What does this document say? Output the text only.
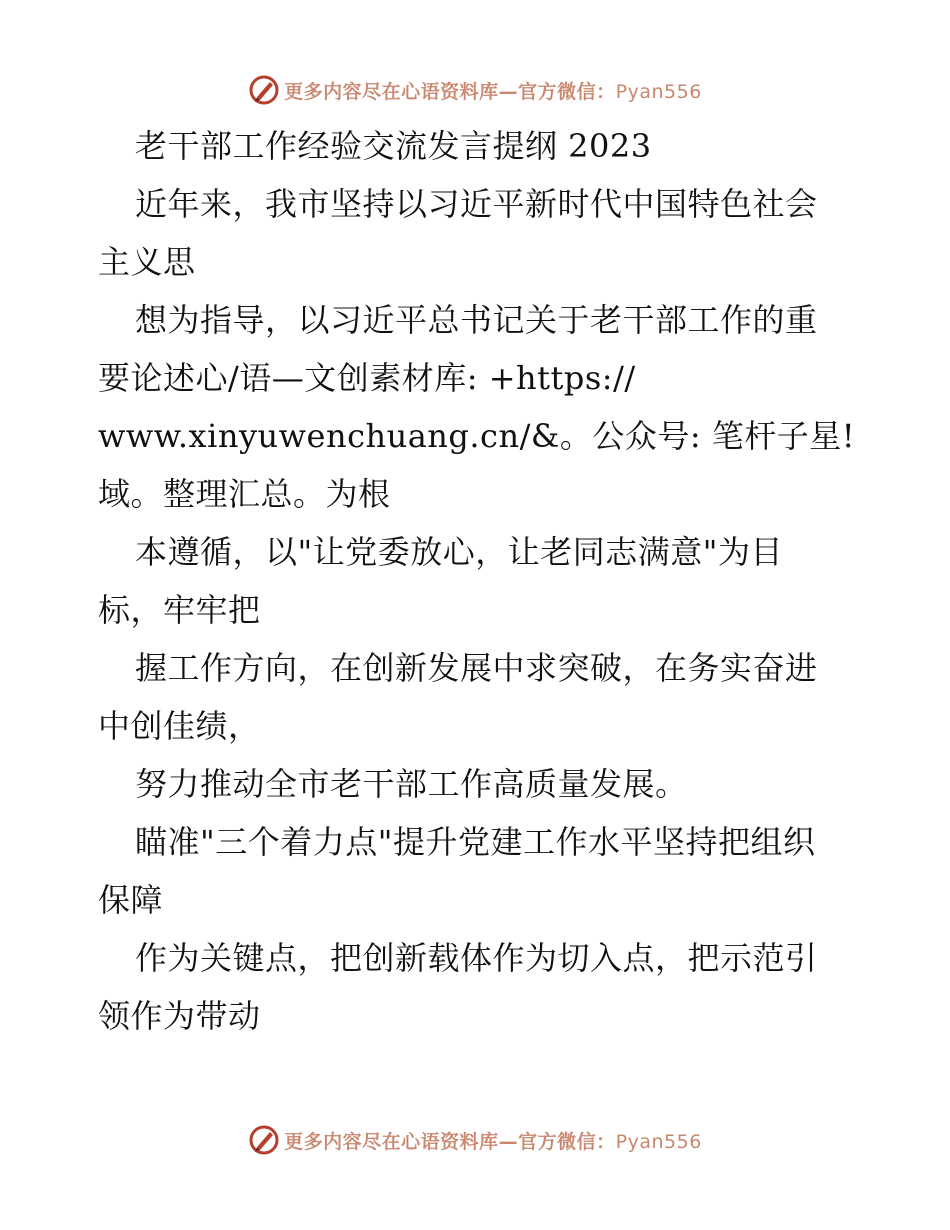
更多内容尽在心语资料库—官方微信：Pyan556
老干部工作经验交流发言提纲 2023
近年来，我市坚持以习近平新时代中国特色社会
主义思
想为指导，以习近平总书记关于老干部工作的重
要论述心/语—文创素材库: +https://
www.xinyuwenchuang.cn/&。公众号: 笔杆子星!
域。整理汇总。为根
本遵循，以"让党委放心，让老同志满意"为目
标，牢牢把
握工作方向，在创新发展中求突破，在务实奋进
中创佳绩，
努力推动全市老干部工作高质量发展。
瞄准"三个着力点"提升党建工作水平坚持把组织
保障
作为关键点，把创新载体作为切入点，把示范引
领作为带动
更多内容尽在心语资料库—官方微信：Pyan556
